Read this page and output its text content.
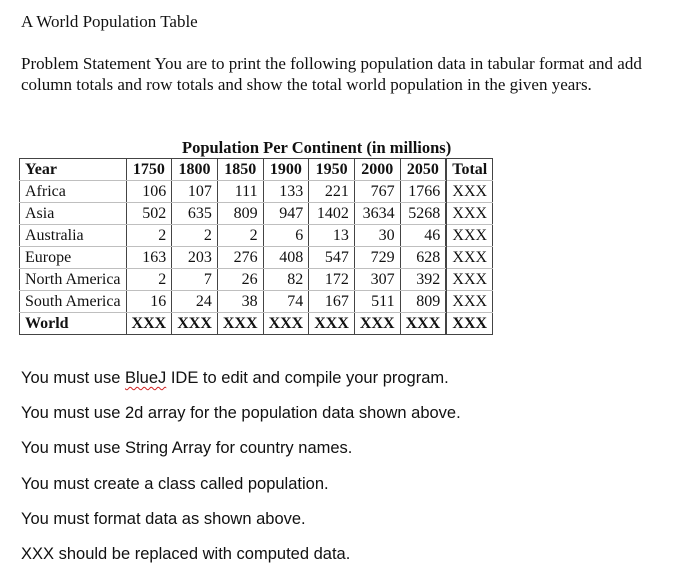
A World Population Table
Problem Statement You are to print the following population data in tabular format and add column totals and row totals and show the total world population in the given years.
Population Per Continent (in millions)
Year	1750	1800	1850	1900	1950	2000	2050		Total
Africa	106	107	111	133	221	767	1766		XXX
Asia	502	635	809	947	1402	3634	5268		XXX
Australia	2	2	2	6	13	30	46		XXX
Europe	163	203	276	408	547	729	628		XXX
North America	2	7	26	82	172	307	392		XXX
South America	16	24	38	74	167	511	809		XXX
World	XXX	XXX	XXX	XXX	XXX	XXX	XXX		XXX
You must use BlueJ IDE to edit and compile your program.
You must use 2d array for the population data shown above.
You must use String Array for country names.
You must create a class called population.
You must format data as shown above.
XXX should be replaced with computed data.
